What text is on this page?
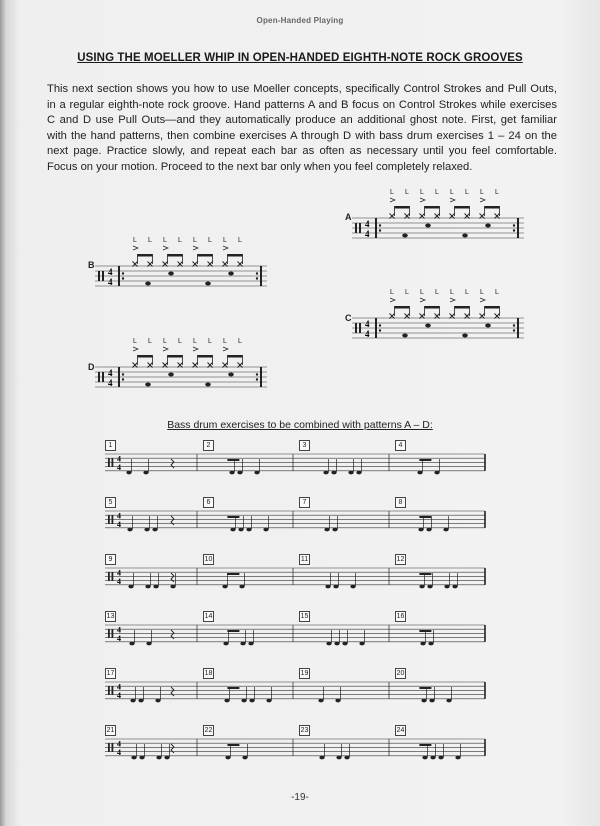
Open-Handed Playing
USING THE MOELLER WHIP IN OPEN-HANDED EIGHTH-NOTE ROCK GROOVES

This next section shows you how to use Moeller concepts, specifically Control Strokes and Pull Outs, in a regular eighth-note rock groove. Hand patterns A and B focus on Control Strokes while exercises C and D use Pull Outs—and they automatically produce an additional ghost note. First, get familiar with the hand patterns, then combine exercises A through D with bass drum exercises 1 – 24 on the next page. Practice slowly, and repeat each bar as often as necessary until you feel comfortable. Focus on your motion. Proceed to the next bar only when you feel completely relaxed.

4
4
L L L L L L L L
4
4
L L L L L L L L
4
4
L L L L L L L L
4
4
L L L L L L L L
A
B
C
D
Bass drum exercises to be combined with patterns A – D:
4
4
4
4
4
4
4
4
4
4
4
4
1	2	3	4
5	6	7	8
9	10	11	12
13	14	15	16
17	18	19	20
21	22	23	24
-19-
